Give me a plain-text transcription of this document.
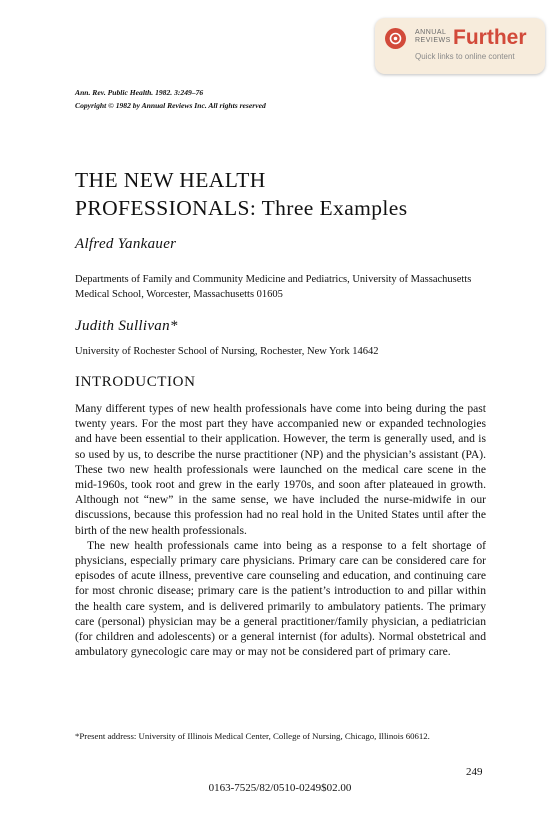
ANNUAL
REVIEWS Further
Quick links to online content
Ann. Rev. Public Health. 1982. 3:249–76
Copyright © 1982 by Annual Reviews Inc. All rights reserved
THE NEW HEALTH
PROFESSIONALS: Three Examples
Alfred Yankauer
Departments of Family and Community Medicine and Pediatrics, University of Massachusetts Medical School, Worcester, Massachusetts 01605
Judith Sullivan*
University of Rochester School of Nursing, Rochester, New York 14642
INTRODUCTION

Many different types of new health professionals have come into being during the past twenty years. For the most part they have accompanied new or expanded technologies and have been essential to their application. However, the term is generally used, and is so used by us, to describe the nurse practitioner (NP) and the physician’s assistant (PA). These two new health professionals were launched on the medical care scene in the mid-1960s, took root and grew in the early 1970s, and soon after plateaued in growth. Although not “new” in the same sense, we have included the nurse-midwife in our discussions, because this profession had no real hold in the United States until after the birth of the new health professionals.

The new health professionals came into being as a response to a felt shortage of physicians, especially primary care physicians. Primary care can be considered care for episodes of acute illness, preventive care counseling and education, and continuing care for most chronic disease; primary care is the patient’s introduction to and pillar within the health care system, and is delivered primarily to ambulatory patients. The primary care (personal) physician may be a general practitioner/family physician, a pediatrician (for children and adolescents) or a general internist (for adults). Normal obstetrical and ambulatory gynecologic care may or may not be considered part of primary care.

*Present address: University of Illinois Medical Center, College of Nursing, Chicago, Illinois 60612.
249
0163-7525/82/0510-0249$02.00
